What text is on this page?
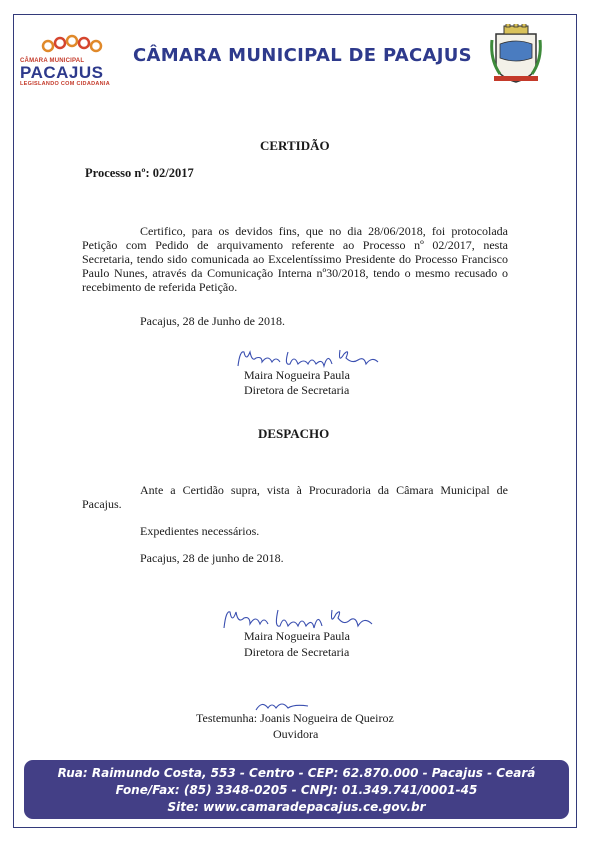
CÂMARA MUNICIPAL
PACAJUS
LEGISLANDO COM CIDADANIA
CÂMARA MUNICIPAL DE PACAJUS
CERTIDÃO
Processo nº: 02/2017
Certifico, para os devidos fins, que no dia 28/06/2018, foi protocolada
Petição com Pedido de arquivamento referente ao Processo nº 02/2017, nesta
Secretaria, tendo sido comunicada ao Excelentíssimo Presidente do Processo Francisco
Paulo Nunes, através da Comunicação Interna nº30/2018, tendo o mesmo recusado o
recebimento de referida Petição.
Pacajus, 28 de Junho de 2018.
Maira Nogueira Paula
Diretora de Secretaria
DESPACHO
Ante a Certidão supra, vista à Procuradoria da Câmara Municipal de
Pacajus.
Expedientes necessários.
Pacajus, 28 de junho de 2018.
Maira Nogueira Paula
Diretora de Secretaria
Testemunha: Joanis Nogueira de Queiroz
Ouvidora
Rua: Raimundo Costa, 553 - Centro - CEP: 62.870.000 - Pacajus - Ceará
Fone/Fax: (85) 3348-0205 - CNPJ: 01.349.741/0001-45
Site: www.camaradepacajus.ce.gov.br
